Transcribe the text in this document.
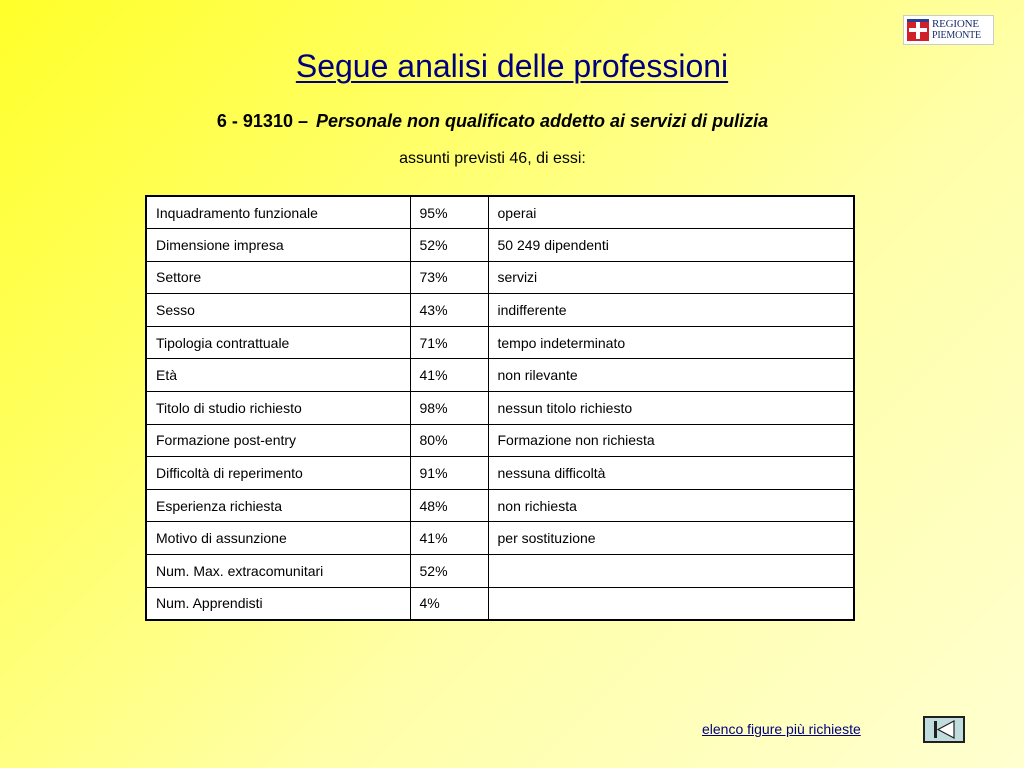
REGIONE
PIEMONTE
Segue analisi delle professioni
6 - 91310 – Personale non qualificato addetto ai servizi di pulizia
assunti previsti 46, di essi:
Inquadramento funzionale	95%	operai
Dimensione impresa	52%	50 249 dipendenti
Settore	73%	servizi
Sesso	43%	indifferente
Tipologia contrattuale	71%	tempo indeterminato
Età	41%	non rilevante
Titolo di studio richiesto	98%	nessun titolo richiesto
Formazione post-entry	80%	Formazione non richiesta
Difficoltà di reperimento	91%	nessuna difficoltà
Esperienza richiesta	48%	non richiesta
Motivo di assunzione	41%	per sostituzione
Num. Max. extracomunitari	52%	
Num. Apprendisti	4%	
elenco figure più richieste
